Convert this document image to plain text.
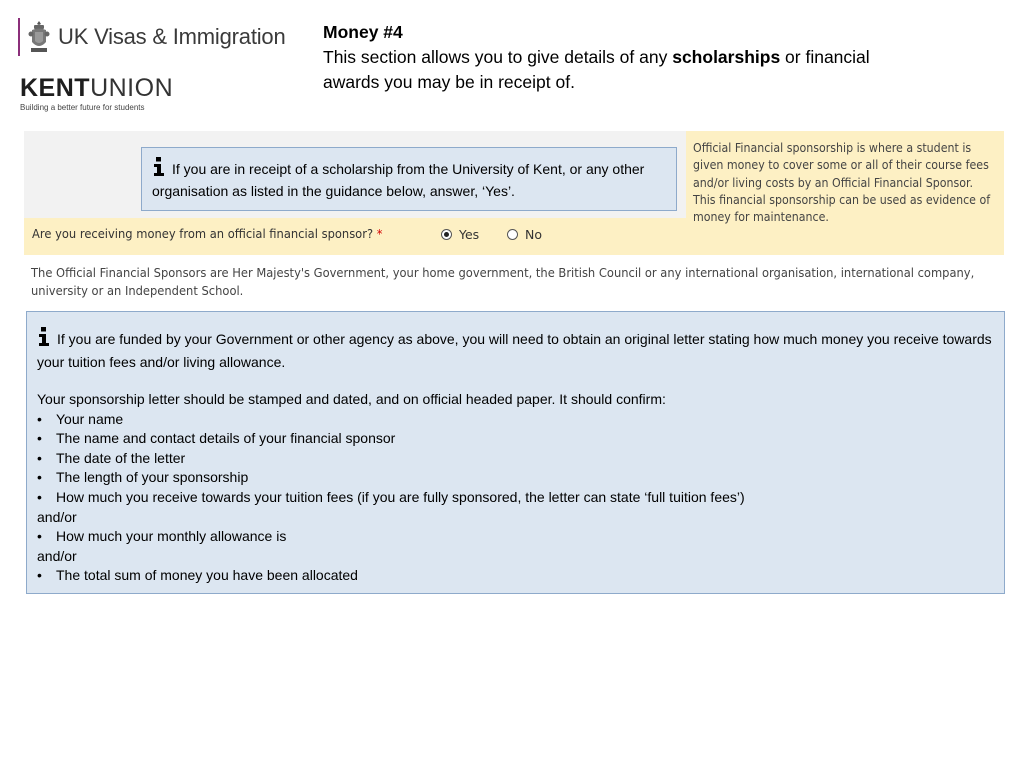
UK Visas & Immigration
KENTUNION
Building a better future for students
Money #4
This section allows you to give details of any scholarships or financial awards you may be in receipt of.
If you are in receipt of a scholarship from the University of Kent, or any other organisation as listed in the guidance below, answer, ‘Yes’.
Are you receiving money from an official financial sponsor? *	Yes	No
Official Financial sponsorship is where a student is given money to cover some or all of their course fees and/or living costs by an Official Financial Sponsor. This financial sponsorship can be used as evidence of money for maintenance.
The Official Financial Sponsors are Her Majesty's Government, your home government, the British Council or any international organisation, international company, university or an Independent School.
If you are funded by your Government or other agency as above, you will need to obtain an original letter stating how much money you receive towards your tuition fees and/or living allowance.
Your sponsorship letter should be stamped and dated, and on official headed paper. It should confirm:
•	Your name
•	The name and contact details of your financial sponsor
•	The date of the letter
•	The length of your sponsorship
•	How much you receive towards your tuition fees (if you are fully sponsored, the letter can state ‘full tuition fees’)
and/or
•	How much your monthly allowance is
and/or
•	The total sum of money you have been allocated
